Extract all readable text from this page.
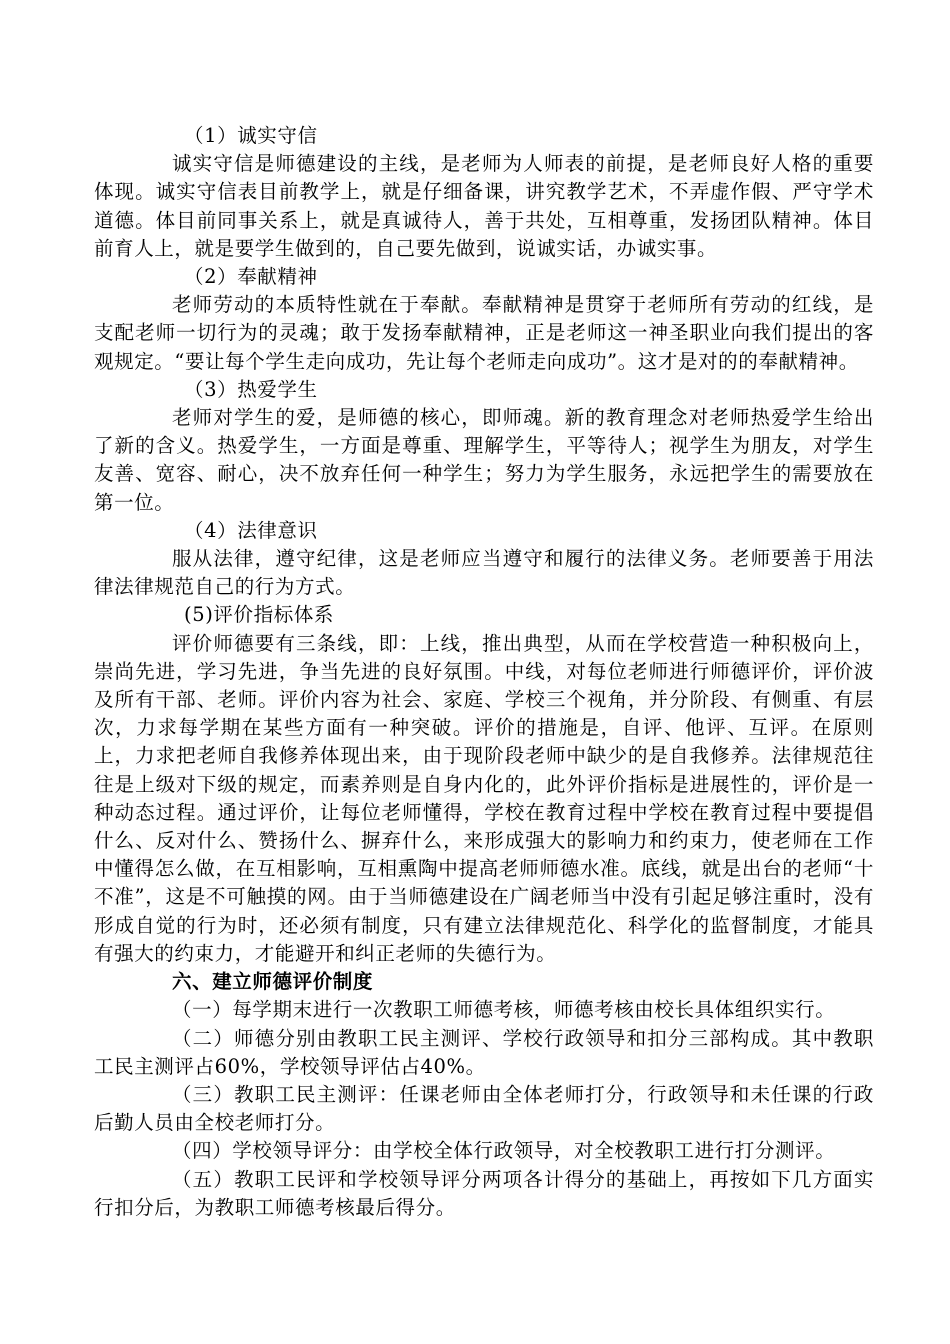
（1）诚实守信

诚实守信是师德建设的主线，是老师为人师表的前提，是老师良好人格的重要体现。诚实守信表目前教学上，就是仔细备课，讲究教学艺术，不弄虚作假、严守学术道德。体目前同事关系上，就是真诚待人，善于共处，互相尊重，发扬团队精神。体目前育人上，就是要学生做到的，自己要先做到，说诚实话，办诚实事。

（2）奉献精神

老师劳动的本质特性就在于奉献。奉献精神是贯穿于老师所有劳动的红线，是支配老师一切行为的灵魂；敢于发扬奉献精神，正是老师这一神圣职业向我们提出的客观规定。“要让每个学生走向成功，先让每个老师走向成功”。这才是对的的奉献精神。

（3）热爱学生

老师对学生的爱，是师德的核心，即师魂。新的教育理念对老师热爱学生给出了新的含义。热爱学生，一方面是尊重、理解学生，平等待人；视学生为朋友，对学生友善、宽容、耐心，决不放弃任何一种学生；努力为学生服务，永远把学生的需要放在第一位。

（4）法律意识

服从法律，遵守纪律，这是老师应当遵守和履行的法律义务。老师要善于用法律法律规范自己的行为方式。

(5)评价指标体系

评价师德要有三条线，即：上线，推出典型，从而在学校营造一种积极向上，崇尚先进，学习先进，争当先进的良好氛围。中线，对每位老师进行师德评价，评价波及所有干部、老师。评价内容为社会、家庭、学校三个视角，并分阶段、有侧重、有层次，力求每学期在某些方面有一种突破。评价的措施是，自评、他评、互评。在原则上，力求把老师自我修养体现出来，由于现阶段老师中缺少的是自我修养。法律规范往往是上级对下级的规定，而素养则是自身内化的，此外评价指标是进展性的，评价是一种动态过程。通过评价，让每位老师懂得，学校在教育过程中学校在教育过程中要提倡什么、反对什么、赞扬什么、摒弃什么，来形成强大的影响力和约束力，使老师在工作中懂得怎么做，在互相影响，互相熏陶中提高老师师德水准。底线，就是出台的老师“十不准”，这是不可触摸的网。由于当师德建设在广阔老师当中没有引起足够注重时，没有形成自觉的行为时，还必须有制度，只有建立法律规范化、科学化的监督制度，才能具有强大的约束力，才能避开和纠正老师的失德行为。

六、建立师德评价制度

（一）每学期末进行一次教职工师德考核，师德考核由校长具体组织实行。

（二）师德分别由教职工民主测评、学校行政领导和扣分三部构成。其中教职工民主测评占60%，学校领导评估占40%。

（三）教职工民主测评：任课老师由全体老师打分，行政领导和未任课的行政后勤人员由全校老师打分。

（四）学校领导评分：由学校全体行政领导，对全校教职工进行打分测评。

（五）教职工民评和学校领导评分两项各计得分的基础上，再按如下几方面实行扣分后，为教职工师德考核最后得分。
